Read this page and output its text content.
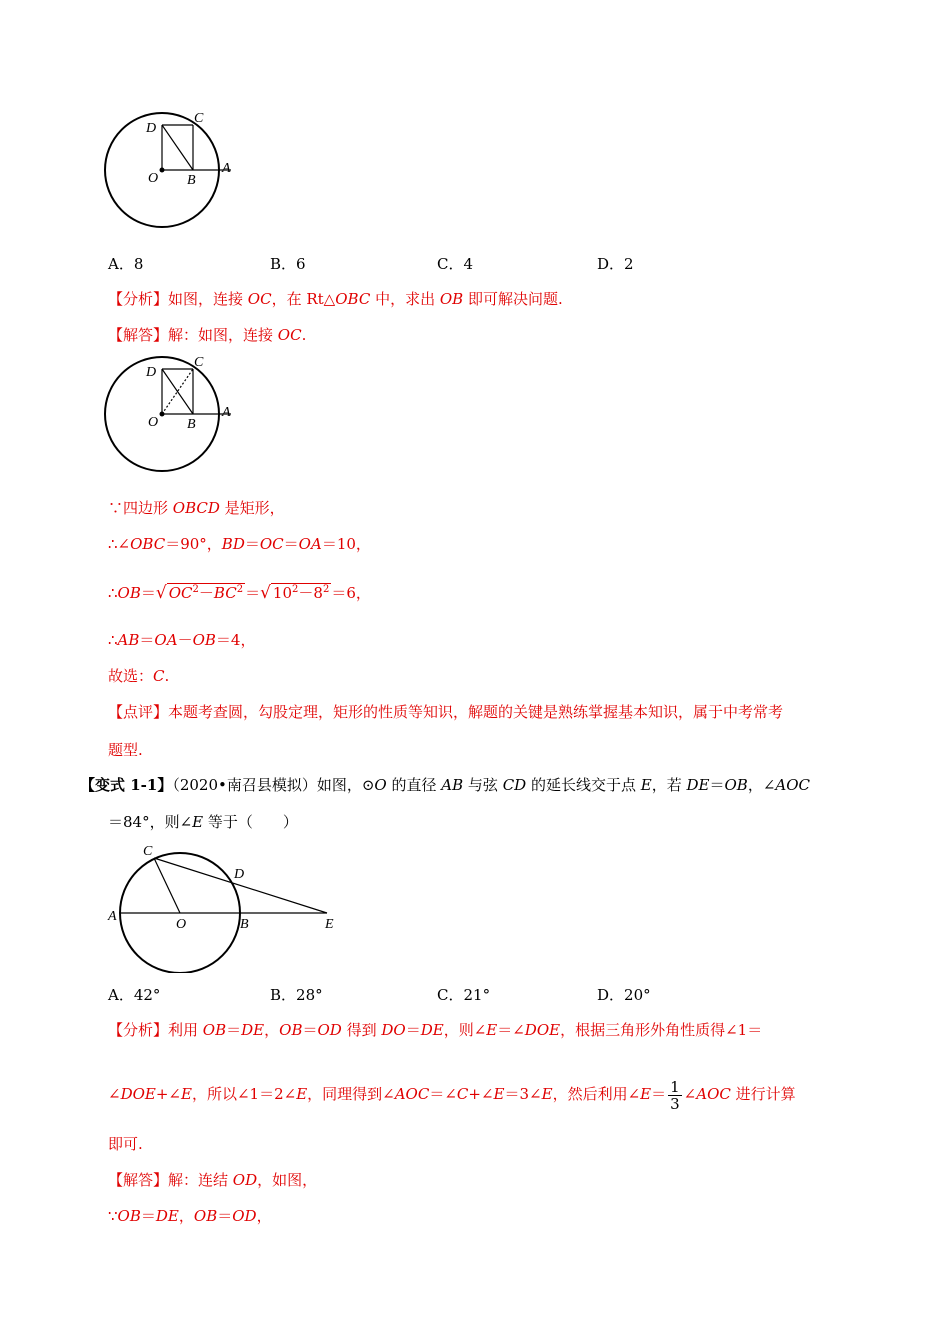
C
D
O B
A
A．8	B．6	C．4	D．2
【分析】如图，连接 OC，在 Rt△OBC 中，求出 OB 即可解决问题.
【解答】解：如图，连接 OC.
C
D
O B
A
∵四边形 OBCD 是矩形，
∴∠OBC＝90°，BD＝OC＝OA＝10，
∴OB＝√ $OC^2-BC^2$ ＝√ $10^2-8^2 =6$，
∴AB＝OA－OB＝4，
故选：C.
【点评】本题考查圆，勾股定理，矩形的性质等知识，解题的关键是熟练掌握基本知识，属于中考常考
题型.
【变式 1-1】（2020•南召县模拟）如图，⊙O 的直径 AB 与弦 CD 的延长线交于点 E，若 DE＝OB，∠AOC
＝84°，则∠E 等于（　　）
C
D
A
O	B	E
A．42°	B．28°	C．21°	D．20°
【分析】利用 OB＝DE，OB＝OD 得到 DO＝DE，则∠E＝∠DOE，根据三角形外角性质得∠1＝
∠DOE+∠E，所以∠1＝2∠E，同理得到∠AOC＝∠C+∠E＝3∠E，然后利用∠E＝ $\frac{1}{3}$ ∠AOC 进行计算
即可.
【解答】解：连结 OD，如图，
∵OB＝DE，OB＝OD，
